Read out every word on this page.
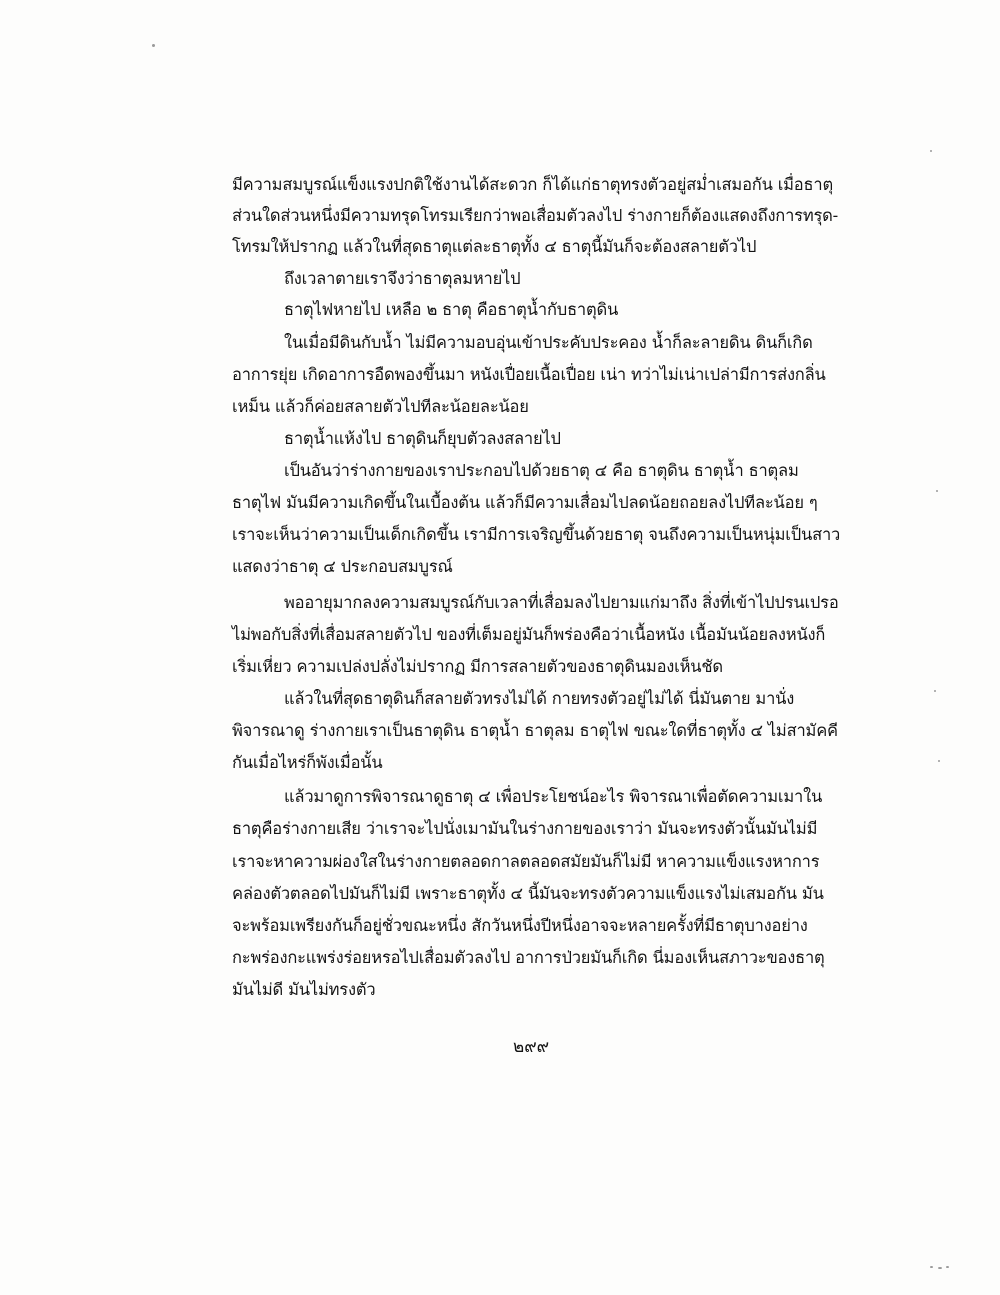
มีความสมบูรณ์แข็งแรงปกติใช้งานได้สะดวก ก็ได้แก่ธาตุทรงตัวอยู่สม่ำเสมอกัน เมื่อธาตุ
ส่วนใดส่วนหนึ่งมีความทรุดโทรมเรียกว่าพอเสื่อมตัวลงไป ร่างกายก็ต้องแสดงถึงการทรุด-
โทรมให้ปรากฏ แล้วในที่สุดธาตุแต่ละธาตุทั้ง ๔ ธาตุนี้มันก็จะต้องสลายตัวไป
ถึงเวลาตายเราจึงว่าธาตุลมหายไป
ธาตุไฟหายไป เหลือ ๒ ธาตุ คือธาตุน้ำกับธาตุดิน
ในเมื่อมีดินกับน้ำ ไม่มีความอบอุ่นเข้าประคับประคอง น้ำก็ละลายดิน ดินก็เกิด
อาการยุ่ย เกิดอาการอืดพองขึ้นมา หนังเปื่อยเนื้อเปื่อย เน่า ทว่าไม่เน่าเปล่ามีการส่งกลิ่น
เหม็น แล้วก็ค่อยสลายตัวไปทีละน้อยละน้อย
ธาตุน้ำแห้งไป ธาตุดินก็ยุบตัวลงสลายไป
เป็นอันว่าร่างกายของเราประกอบไปด้วยธาตุ ๔ คือ ธาตุดิน ธาตุน้ำ ธาตุลม
ธาตุไฟ มันมีความเกิดขึ้นในเบื้องต้น แล้วก็มีความเสื่อมไปลดน้อยถอยลงไปทีละน้อย ๆ
เราจะเห็นว่าความเป็นเด็กเกิดขึ้น เรามีการเจริญขึ้นด้วยธาตุ จนถึงความเป็นหนุ่มเป็นสาว
แสดงว่าธาตุ ๔ ประกอบสมบูรณ์
พออายุมากลงความสมบูรณ์กับเวลาที่เสื่อมลงไปยามแก่มาถึง สิ่งที่เข้าไปปรนเปรอ
ไม่พอกับสิ่งที่เสื่อมสลายตัวไป ของที่เต็มอยู่มันก็พร่องคือว่าเนื้อหนัง เนื้อมันน้อยลงหนังก็
เริ่มเหี่ยว ความเปล่งปลั่งไม่ปรากฏ มีการสลายตัวของธาตุดินมองเห็นชัด
แล้วในที่สุดธาตุดินก็สลายตัวทรงไม่ได้ กายทรงตัวอยู่ไม่ได้ นี่มันตาย มานั่ง
พิจารณาดู ร่างกายเราเป็นธาตุดิน ธาตุน้ำ ธาตุลม ธาตุไฟ ขณะใดที่ธาตุทั้ง ๔ ไม่สามัคคี
กันเมื่อไหร่ก็พังเมื่อนั้น
แล้วมาดูการพิจารณาดูธาตุ ๔ เพื่อประโยชน์อะไร พิจารณาเพื่อตัดความเมาใน
ธาตุคือร่างกายเสีย ว่าเราจะไปนั่งเมามันในร่างกายของเราว่า มันจะทรงตัวนั้นมันไม่มี
เราจะหาความผ่องใสในร่างกายตลอดกาลตลอดสมัยมันก็ไม่มี หาความแข็งแรงหาการ
คล่องตัวตลอดไปมันก็ไม่มี เพราะธาตุทั้ง ๔ นี้มันจะทรงตัวความแข็งแรงไม่เสมอกัน มัน
จะพร้อมเพรียงกันก็อยู่ชั่วขณะหนึ่ง สักวันหนึ่งปีหนึ่งอาจจะหลายครั้งที่มีธาตุบางอย่าง
กะพร่องกะแพร่งร่อยหรอไปเสื่อมตัวลงไป อาการป่วยมันก็เกิด นี่มองเห็นสภาวะของธาตุ
มันไม่ดี มันไม่ทรงตัว
๒๙๙
